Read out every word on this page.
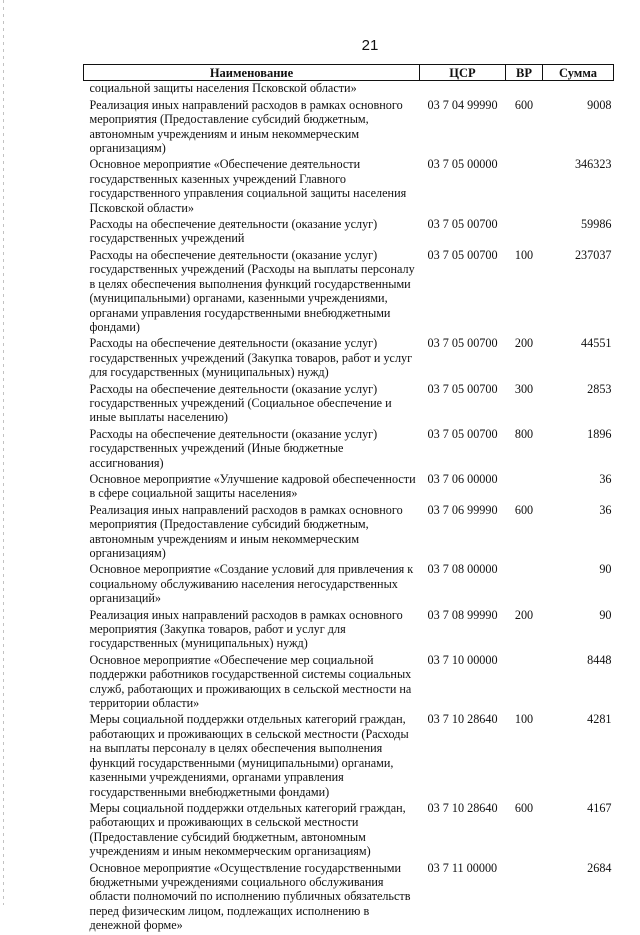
21
Наименование	ЦСР	ВР	Сумма
социальной защиты населения Псковской области»			
Реализация иных направлений расходов в рамках основного мероприятия (Предоставление субсидий бюджетным, автономным учреждениям и иным некоммерческим организациям)	03 7 04 99990	600	9008
Основное мероприятие «Обеспечение деятельности государственных казенных учреждений Главного государственного управления социальной защиты населения Псковской области»	03 7 05 00000		346323
Расходы на обеспечение деятельности (оказание услуг) государственных учреждений	03 7 05 00700		59986
Расходы на обеспечение деятельности (оказание услуг) государственных учреждений (Расходы на выплаты персоналу в целях обеспечения выполнения функций государственными (муниципальными) органами, казенными учреждениями, органами управления государственными внебюджетными фондами)	03 7 05 00700	100	237037
Расходы на обеспечение деятельности (оказание услуг) государственных учреждений (Закупка товаров, работ и услуг для государственных (муниципальных) нужд)	03 7 05 00700	200	44551
Расходы на обеспечение деятельности (оказание услуг) государственных учреждений (Социальное обеспечение и иные выплаты населению)	03 7 05 00700	300	2853
Расходы на обеспечение деятельности (оказание услуг) государственных учреждений (Иные бюджетные ассигнования)	03 7 05 00700	800	1896
Основное мероприятие «Улучшение кадровой обеспеченности в сфере социальной защиты населения»	03 7 06 00000		36
Реализация иных направлений расходов в рамках основного мероприятия (Предоставление субсидий бюджетным, автономным учреждениям и иным некоммерческим организациям)	03 7 06 99990	600	36
Основное мероприятие «Создание условий для привлечения к социальному обслуживанию населения негосударственных организаций»	03 7 08 00000		90
Реализация иных направлений расходов в рамках основного мероприятия (Закупка товаров, работ и услуг для государственных (муниципальных) нужд)	03 7 08 99990	200	90
Основное мероприятие «Обеспечение мер социальной поддержки работников государственной системы социальных служб, работающих и проживающих в сельской местности на территории области»	03 7 10 00000		8448
Меры социальной поддержки отдельных категорий граждан, работающих и проживающих в сельской местности (Расходы на выплаты персоналу в целях обеспечения выполнения функций государственными (муниципальными) органами, казенными учреждениями, органами управления государственными внебюджетными фондами)	03 7 10 28640	100	4281
Меры социальной поддержки отдельных категорий граждан, работающих и проживающих в сельской местности (Предоставление субсидий бюджетным, автономным учреждениям и иным некоммерческим организациям)	03 7 10 28640	600	4167
Основное мероприятие «Осуществление государственными бюджетными учреждениями социального обслуживания области полномочий по исполнению публичных обязательств перед физическим лицом, подлежащих исполнению в денежной форме»	03 7 11 00000		2684
